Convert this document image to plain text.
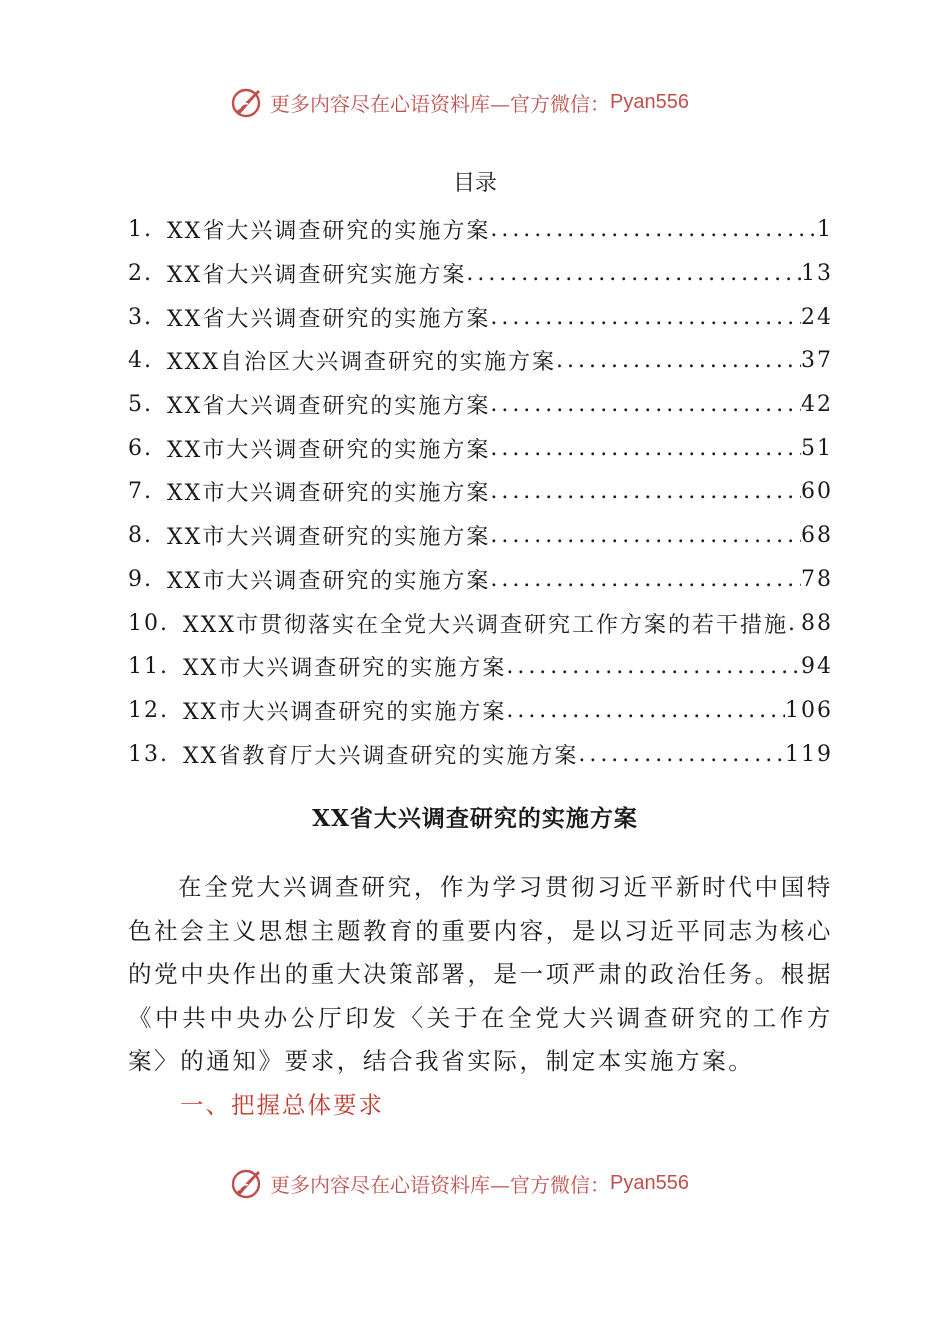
更多内容尽在心语资料库—官方微信： Pyan556
目录
1. XX省大兴调查研究的实施方案 .....	1
2. XX省大兴调查研究实施方案 .....	13
3. XX省大兴调查研究的实施方案 .....	24
4. XXX自治区大兴调查研究的实施方案 .....	37
5. XX省大兴调查研究的实施方案 .....	42
6. XX市大兴调查研究的实施方案 .....	51
7. XX市大兴调查研究的实施方案 .....	60
8. XX市大兴调查研究的实施方案 .....	68
9. XX市大兴调查研究的实施方案 .....	78
10. XXX市贯彻落实在全党大兴调查研究工作方案的若干措施 ..... 88
11. XX市大兴调查研究的实施方案 .....	94
12. XX市大兴调查研究的实施方案 .....	106
13. XX省教育厅大兴调查研究的实施方案 .....	119
XX省大兴调查研究的实施方案

在全党大兴调查研究，作为学习贯彻习近平新时代中国特色社会主义思想主题教育的重要内容，是以习近平同志为核心的党中央作出的重大决策部署，是一项严肃的政治任务。根据《中共中央办公厅印发〈关于在全党大兴调查研究的工作方案〉的通知》要求，结合我省实际，制定本实施方案。

一、把握总体要求
更多内容尽在心语资料库—官方微信： Pyan556
